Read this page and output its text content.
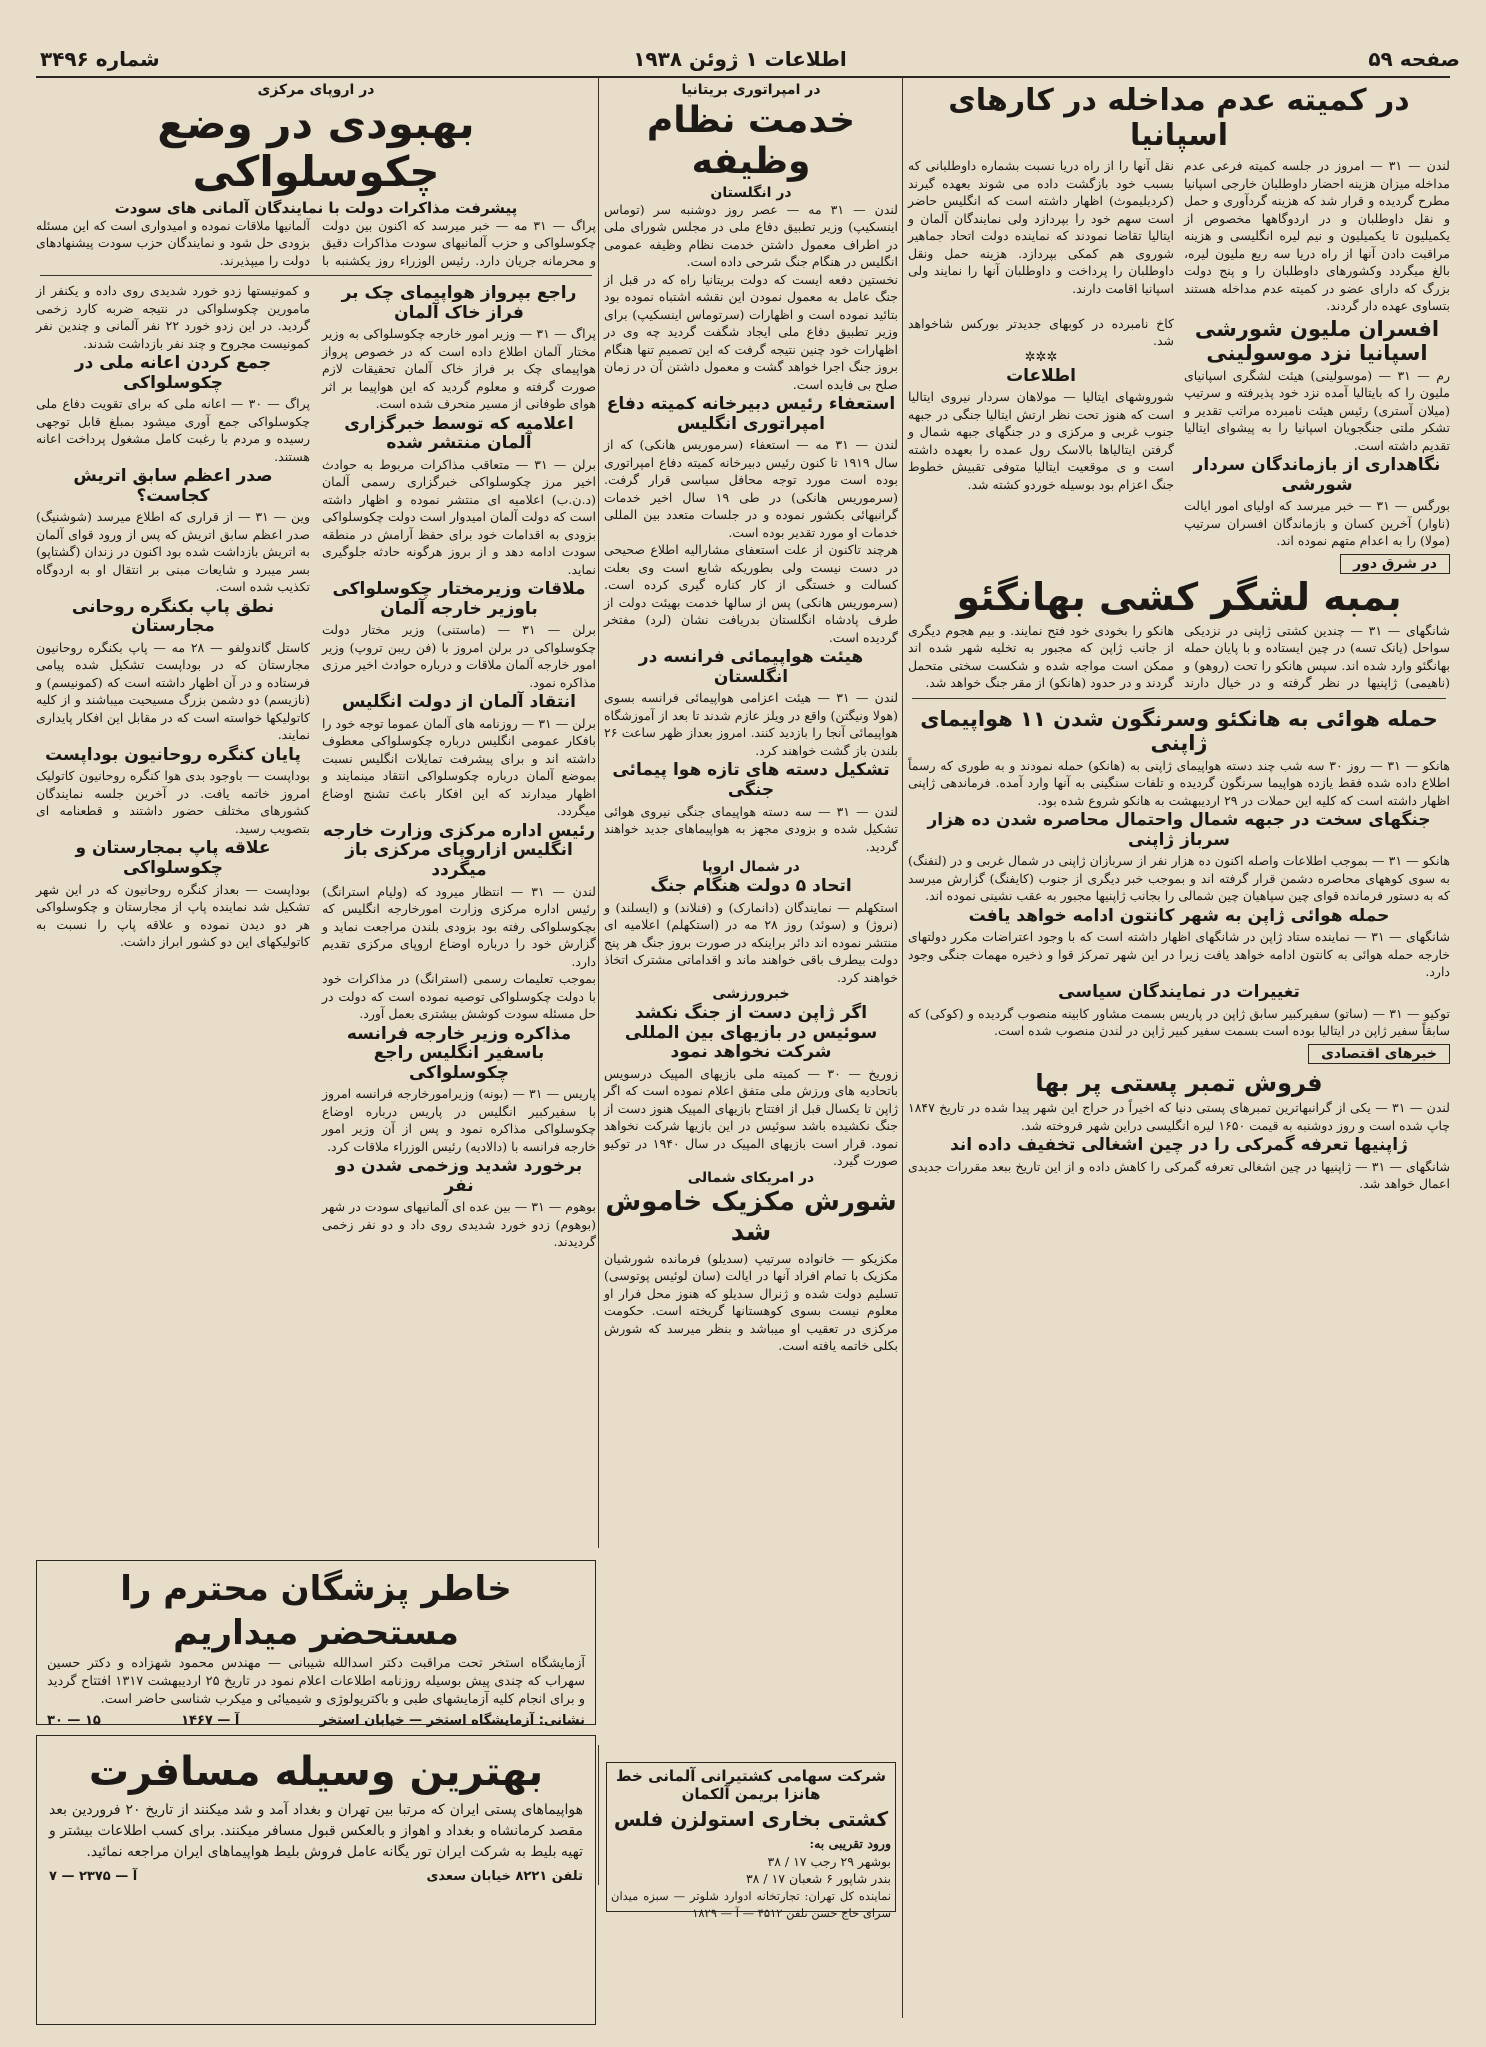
صفحه ۵۹
اطلاعات ۱ ژوئن ۱۹۳۸
شماره ۳۴۹۶
در کمیته عدم مداخله در کارهای اسپانیا
لندن — ۳۱ — امروز در جلسه کمیته فرعی عدم مداخله میزان هزینه احضار داوطلبان خارجی اسپانیا مطرح گردیده و قرار شد که هزینه گردآوری و حمل و نقل داوطلبان و در اردوگاهها مخصوص از یکمیلیون تا یکمیلیون و نیم لیره انگلیسی و هزینه مراقبت دادن آنها از راه دریا سه ربع ملیون لیره، بالغ میگردد وکشورهای داوطلبان را و پنج دولت بزرگ که دارای عضو در کمیته عدم مداخله هستند بتساوی عهده دار گردند.
نقل آنها را از راه دریا نسبت بشماره داوطلبانی که بسبب خود بازگشت داده می شوند بعهده گیرند (کردیلیموث) اظهار داشته است که انگلیس حاضر است سهم خود را بپردازد ولی نمایندگان آلمان و ایتالیا تقاضا نمودند که نماینده دولت اتحاد جماهیر شوروی هم کمکی بپردازد. هزینه حمل ونقل داوطلبان را پرداخت و داوطلبان آنها را نمایند ولی اسپانیا اقامت دارند.
افسران ملیون شورشی اسپانیا نزد موسولینی
رم — ۳۱ — (موسولینی) هیئت لشگری اسپانیای ملیون را که بایتالیا آمده نزد خود پذیرفته و سرتیپ (میلان آستری) رئیس هیئت نامبرده مراتب تقدیر و تشکر ملتی جنگجویان اسپانیا را به پیشوای ایتالیا تقدیم داشته است.
نگاهداری از بازماندگان سردار شورشی
بورگس — ۳۱ — خبر میرسد که اولیای امور ایالت (ناوار) آخرین کسان و بازماندگان افسران سرتیپ (مولا) را به اعدام متهم نموده اند.
کاخ نامبرده در کوبهای جدیدتر بورکس شاخواهد شد.
✲✲✲
اطلاعات
شوروشهای ایتالیا — مولاهان سردار نیروی ایتالیا است که هنوز تحت نظر ارتش ایتالیا جنگی در جبهه جنوب غربی و مرکزی و در جنگهای جبهه شمال و گرفتن ایتالیاها بالاسک رول عمده را بعهده داشته است و ی موقعیت ایتالیا متوفی تقبیش خطوط جنگ اعزام بود بوسیله خوردو کشته شد.
در شرق دور
بمبه لشگر کشی بهانگئو
شانگهای — ۳۱ — چندین کشتی ژاپنی در نزدیکی سواحل (یانک تسه) در چین ایستاده و با پایان حمله بهانگئو وارد شده اند. سپس هانکو را تحت (روهو) و (ناهیمی) ژاپنیها در نظر گرفته و در خیال دارند هانکو را بخودی خود فتح نمایند. و بیم هجوم دیگری از جانب ژاپن که مجبور به تخلیه شهر شده اند ممکن است مواجه شده و شکست سختی متحمل گردند و در حدود (هانکو) از مقر جنگ خواهد شد.
حمله هوائی به هانکئو وسرنگون شدن ۱۱ هواپیمای ژاپنی
هانکو — ۳۱ — روز ۳۰ سه شب چند دسته هواپیمای ژاپنی به (هانکو) حمله نمودند و به طوری که رسماً اطلاع داده شده فقط یازده هواپیما سرنگون گردیده و تلفات سنگینی به آنها وارد آمده. فرماندهی ژاپنی اظهار داشته است که کلیه این حملات در ۲۹ اردیبهشت به هانکو شروع شده بود.
جنگهای سخت در جبهه شمال واحتمال محاصره شدن ده هزار سرباز ژاپنی
هانکو — ۳۱ — بموجب اطلاعات واصله اکنون ده هزار نفر از سربازان ژاپنی در شمال غربی و در (لنفنگ) به سوی کوههای محاصره دشمن قرار گرفته اند و بموجب خبر دیگری از جنوب (کایفنگ) گزارش میرسد که به دستور فرمانده قوای چین سپاهیان چین شمالی را بجانب ژاپنیها مجبور به عقب نشینی نموده اند.
حمله هوائی ژاپن به شهر کانتون ادامه خواهد یافت
شانگهای — ۳۱ — نماینده ستاد ژاپن در شانگهای اظهار داشته است که با وجود اعتراضات مکرر دولتهای خارجه حمله هوائی به کانتون ادامه خواهد یافت زیرا در این شهر تمرکز قوا و ذخیره مهمات جنگی وجود دارد.
تغییرات در نمایندگان سیاسی
توکیو — ۳۱ — (ساتو) سفیرکبیر سابق ژاپن در پاریس بسمت مشاور کابینه منصوب گردیده و (کوکی) که سابقاً سفیر ژاپن در ایتالیا بوده است بسمت سفیر کبیر ژاپن در لندن منصوب شده است.
خبرهای اقتصادی
فروش تمبر پستی پر بها
لندن — ۳۱ — یکی از گرانبهاترین تمبرهای پستی دنیا که اخیراً در حراج این شهر پیدا شده در تاریخ ۱۸۴۷ چاپ شده است و روز دوشنبه به قیمت ۱۶۵۰ لیره انگلیسی دراین شهر فروخته شد.
ژاپنیها تعرفه گمرکی را در چین اشغالی تخفیف داده اند
شانگهای — ۳۱ — ژاپنیها در چین اشغالی تعرفه گمرکی را کاهش داده و از این تاریخ ببعد مقررات جدیدی اعمال خواهد شد.
در امپراتوری بریتانیا
خدمت نظام وظیفه
در انگلستان
لندن — ۳۱ مه — عصر روز دوشنبه سر (توماس اینسکیپ) وزیر تطبیق دفاع ملی در مجلس شورای ملی در اطراف معمول داشتن خدمت نظام وظیفه عمومی انگلیس در هنگام جنگ شرحی داده است.
نخستین دفعه ایست که دولت بریتانیا راه که در قبل از جنگ عامل به معمول نمودن این نقشه اشتباه نموده بود بتائید نموده است و اظهارات (سرتوماس اینسکیپ) برای وزیر تطبیق دفاع ملی ایجاد شگفت گردید چه وی در اظهارات خود چنین نتیجه گرفت که این تصمیم تنها هنگام بروز جنگ اجرا خواهد گشت و معمول داشتن آن در زمان صلح بی فایده است.
استعفاء رئیس دبیرخانه کمیته دفاع امپراتوری انگلیس
لندن — ۳۱ مه — استعفاء (سرموریس هانکی) که از سال ۱۹۱۹ تا کنون رئیس دبیرخانه کمیته دفاع امپراتوری بوده است مورد توجه محافل سیاسی قرار گرفت. (سرموریس هانکی) در طی ۱۹ سال اخیر خدمات گرانبهائی بکشور نموده و در جلسات متعدد بین المللی خدمات او مورد تقدیر بوده است.
هرچند تاکنون از علت استعفای مشارالیه اطلاع صحیحی در دست نیست ولی بطوریکه شایع است وی بعلت کسالت و خستگی از کار کناره گیری کرده است. (سرموریس هانکی) پس از سالها خدمت بهیئت دولت از طرف پادشاه انگلستان بدریافت نشان (لرد) مفتخر گردیده است.
هیئت هواپیمائی فرانسه در انگلستان
لندن — ۳۱ — هیئت اعزامی هواپیمائی فرانسه بسوی (هولا ونیگتن) واقع در ویلز عازم شدند تا بعد از آموزشگاه هواپیمائی آنجا را بازدید کنند. امروز بعداز ظهر ساعت ۲۶ بلندن باز گشت خواهند کرد.
تشکیل دسته های تازه هوا پیمائی جنگی
لندن — ۳۱ — سه دسته هواپیمای جنگی نیروی هوائی تشکیل شده و بزودی مجهز به هواپیماهای جدید خواهند گردید.
در شمال اروپا
اتحاد ۵ دولت هنگام جنگ
استکهلم — نمایندگان (دانمارک) و (فنلاند) و (ایسلند) و (نروژ) و (سوئد) روز ۲۸ مه در (استکهلم) اعلامیه ای منتشر نموده اند دائر براینکه در صورت بروز جنگ هر پنج دولت بیطرف باقی خواهند ماند و اقداماتی مشترک اتخاذ خواهند کرد.
خبرورزشی
اگر ژاپن دست از جنگ نکشد سوئیس در بازیهای بین المللی شرکت نخواهد نمود
زوریخ — ۳۰ — کمیته ملی بازیهای المپیک درسویس باتحادیه های ورزش ملی متفق اعلام نموده است که اگر ژاپن تا یکسال قبل از افتتاح بازیهای المپیک هنوز دست از جنگ نکشیده باشد سوئیس در این بازیها شرکت نخواهد نمود. قرار است بازیهای المپیک در سال ۱۹۴۰ در توکیو صورت گیرد.
در امریکای شمالی
شورش مکزیک خاموش شد
مکزیکو — خانواده سرتیپ (سدیلو) فرمانده شورشیان مکزیک با تمام افراد آنها در ایالت (سان لوئیس پوتوسی) تسلیم دولت شده و ژنرال سدیلو که هنوز محل فرار او معلوم نیست بسوی کوهستانها گریخته است. حکومت مرکزی در تعقیب او میباشد و بنظر میرسد که شورش بکلی خاتمه یافته است.
شرکت سهامی کشتیرانی آلمانی خط هانزا بریمن آلکمان
کشتی بخاری استولزن فلس
ورود تقریبی به:
بوشهر ۲۹ رجب ۱۷ / ۳۸
بندر شاپور ۶ شعبان ۱۷ / ۳۸
نماینده کل تهران: تجارتخانه ادوارد شلوتر — سبزه میدان سرای حاج حسن تلفن ۴۵۱۲ — آ — ۱۸۲۹
در اروپای مرکزی
بهبودی در وضع چکوسلواکی
پیشرفت مذاکرات دولت با نمایندگان آلمانی های سودت
پراگ — ۳۱ مه — خبر میرسد که اکنون بین دولت چکوسلواکی و حزب آلمانیهای سودت مذاکرات دقیق و محرمانه جریان دارد. رئیس الوزراء روز یکشنبه با آلمانیها ملاقات نموده و امیدواری است که این مسئله بزودی حل شود و نمایندگان حزب سودت پیشنهادهای دولت را میپذیرند.
راجع بپرواز هواپیمای چک بر فراز خاک آلمان
پراگ — ۳۱ — وزیر امور خارجه چکوسلواکی به وزیر مختار آلمان اطلاع داده است که در خصوص پرواز هواپیمای چک بر فراز خاک آلمان تحقیقات لازم صورت گرفته و معلوم گردید که این هواپیما بر اثر هوای طوفانی از مسیر منحرف شده است.
اعلامیه که توسط خبرگزاری آلمان منتشر شده
برلن — ۳۱ — متعاقب مذاکرات مربوط به حوادث اخیر مرز چکوسلواکی خبرگزاری رسمی آلمان (د.ن.ب) اعلامیه ای منتشر نموده و اظهار داشته است که دولت آلمان امیدوار است دولت چکوسلواکی بزودی به اقدامات خود برای حفظ آرامش در منطقه سودت ادامه دهد و از بروز هرگونه حادثه جلوگیری نماید.
ملاقات وزیرمختار چکوسلواکی باوزیر خارجه آلمان
برلن — ۳۱ — (ماستنی) وزیر مختار دولت چکوسلواکی در برلن امروز با (فن ریبن تروپ) وزیر امور خارجه آلمان ملاقات و درباره حوادث اخیر مرزی مذاکره نمود.
انتقاد آلمان از دولت انگلیس
برلن — ۳۱ — روزنامه های آلمان عموما توجه خود را بافکار عمومی انگلیس درباره چکوسلواکی معطوف داشته اند و برای پیشرفت تمایلات انگلیس نسبت بموضع آلمان درباره چکوسلواکی انتقاد مینمایند و اظهار میدارند که این افکار باعث تشنج اوضاع میگردد.
رئیس اداره مرکزی وزارت خارجه انگلیس ازاروپای مرکزی باز میگردد
لندن — ۳۱ — انتظار میرود که (ولیام استرانگ) رئیس اداره مرکزی وزارت امورخارجه انگلیس که بچکوسلواکی رفته بود بزودی بلندن مراجعت نماید و گزارش خود را درباره اوضاع اروپای مرکزی تقدیم دارد.
بموجب تعلیمات رسمی (استرانگ) در مذاکرات خود با دولت چکوسلواکی توصیه نموده است که دولت در حل مسئله سودت کوشش بیشتری بعمل آورد.
مذاکره وزیر خارجه فرانسه باسفیر انگلیس راجع چکوسلواکی
پاریس — ۳۱ — (بونه) وزیرامورخارجه فرانسه امروز با سفیرکبیر انگلیس در پاریس درباره اوضاع چکوسلواکی مذاکره نمود و پس از آن وزیر امور خارجه فرانسه با (دالادیه) رئیس الوزراء ملاقات کرد.
برخورد شدید وزخمی شدن دو نفر
بوهوم — ۳۱ — بین عده ای آلمانیهای سودت در شهر (بوهوم) زدو خورد شدیدی روی داد و دو نفر زخمی گردیدند.
و کمونیستها زدو خورد شدیدی روی داده و یکنفر از مامورین چکوسلواکی در نتیجه ضربه کارد زخمی گردید. در این زدو خورد ۲۲ نفر آلمانی و چندین نفر کمونیست مجروح و چند نفر بازداشت شدند.
جمع کردن اعانه ملی در چکوسلواکی
پراگ — ۳۰ — اعانه ملی که برای تقویت دفاع ملی چکوسلواکی جمع آوری میشود بمبلغ قابل توجهی رسیده و مردم با رغبت کامل مشغول پرداخت اعانه هستند.
صدر اعظم سابق اتریش کجاست؟
وین — ۳۱ — از قراری که اطلاع میرسد (شوشنیگ) صدر اعظم سابق اتریش که پس از ورود قوای آلمان به اتریش بازداشت شده بود اکنون در زندان (گشتاپو) بسر میبرد و شایعات مبنی بر انتقال او به اردوگاه تکذیب شده است.
نطق پاپ بکنگره روحانی مجارستان
کاستل گاندولفو — ۲۸ مه — پاپ بکنگره روحانیون مجارستان که در بوداپست تشکیل شده پیامی فرستاده و در آن اظهار داشته است که (کمونیسم) و (نازیسم) دو دشمن بزرگ مسیحیت میباشند و از کلیه کاتولیکها خواسته است که در مقابل این افکار پایداری نمایند.
پایان کنگره روحانیون بوداپست
بوداپست — باوجود بدی هوا کنگره روحانیون کاتولیک امروز خاتمه یافت. در آخرین جلسه نمایندگان کشورهای مختلف حضور داشتند و قطعنامه ای بتصویب رسید.
علاقه پاپ بمجارستان و چکوسلواکی
بوداپست — بعداز کنگره روحانیون که در این شهر تشکیل شد نماینده پاپ از مجارستان و چکوسلواکی هر دو دیدن نموده و علاقه پاپ را نسبت به کاتولیکهای این دو کشور ابراز داشت.
خاطر پزشگان محترم را مستحضر میداریم
آزمایشگاه استخر تحت مراقبت دکتر اسدالله شیبانی — مهندس محمود شهزاده و دکتر حسین سهراب که چندی پیش بوسیله روزنامه اطلاعات اعلام نمود در تاریخ ۲۵ اردیبهشت ۱۳۱۷ افتتاح گردید و برای انجام کلیه آزمایشهای طبی و باکتریولوژی و شیمیائی و میکرب شناسی حاضر است.
نشانی: آزمایشگاه استخر — خیابان استخر
آ — ۱۴۶۷
۱۵ — ۳۰
بهترین وسیله مسافرت
هواپیماهای پستی ایران که مرتبا بین تهران و بغداد آمد و شد میکنند از تاریخ ۲۰ فروردین بعد مقصد کرمانشاه و بغداد و اهواز و بالعکس قبول مسافر میکنند. برای کسب اطلاعات بیشتر و تهیه بلیط به شرکت ایران تور یگانه عامل فروش بلیط هواپیماهای ایران مراجعه نمائید.
تلفن ۸۲۲۱ خیابان سعدی
آ — ۲۳۷۵ — ۷
